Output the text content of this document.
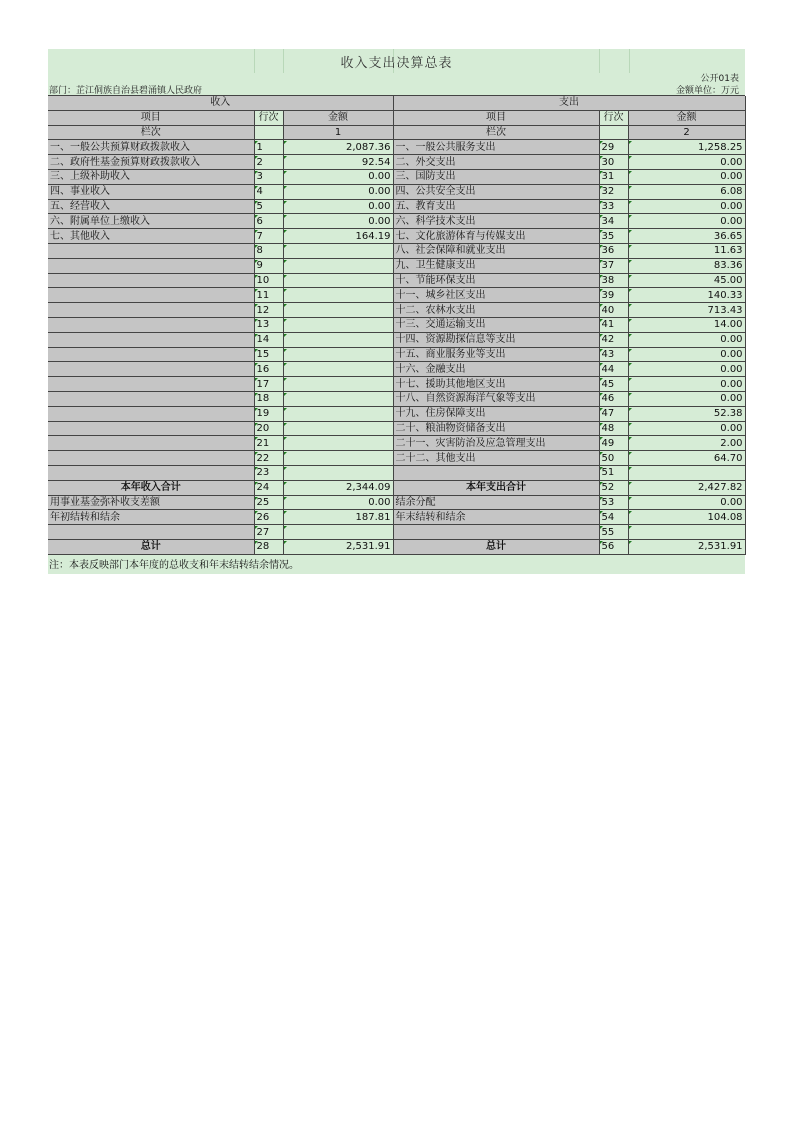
收入支出决算总表
公开01表
部门：芷江侗族自治县碧涌镇人民政府	金额单位：万元
收入			支出		
项目	行次	金额	项目	行次	金额
栏次		1	栏次		2
一、一般公共预算财政拨款收入	1	2,087.36	一、一般公共服务支出	29	1,258.25
二、政府性基金预算财政拨款收入	2	92.54	二、外交支出	30	0.00
三、上级补助收入	3	0.00	三、国防支出	31	0.00
四、事业收入	4	0.00	四、公共安全支出	32	6.08
五、经营收入	5	0.00	五、教育支出	33	0.00
六、附属单位上缴收入	6	0.00	六、科学技术支出	34	0.00
七、其他收入	7	164.19	七、文化旅游体育与传媒支出	35	36.65
	8		八、社会保障和就业支出	36	11.63
	9		九、卫生健康支出	37	83.36
	10		十、节能环保支出	38	45.00
	11		十一、城乡社区支出	39	140.33
	12		十二、农林水支出	40	713.43
	13		十三、交通运输支出	41	14.00
	14		十四、资源勘探信息等支出	42	0.00
	15		十五、商业服务业等支出	43	0.00
	16		十六、金融支出	44	0.00
	17		十七、援助其他地区支出	45	0.00
	18		十八、自然资源海洋气象等支出	46	0.00
	19		十九、住房保障支出	47	52.38
	20		二十、粮油物资储备支出	48	0.00
	21		二十一、灾害防治及应急管理支出	49	2.00
	22		二十二、其他支出	50	64.70
	23			51	
本年收入合计	24	2,344.09	本年支出合计	52	2,427.82
用事业基金弥补收支差额	25	0.00	结余分配	53	0.00
年初结转和结余	26	187.81	年末结转和结余	54	104.08
	27			55	
总计	28	2,531.91	总计	56	2,531.91
注：本表反映部门本年度的总收支和年末结转结余情况。
